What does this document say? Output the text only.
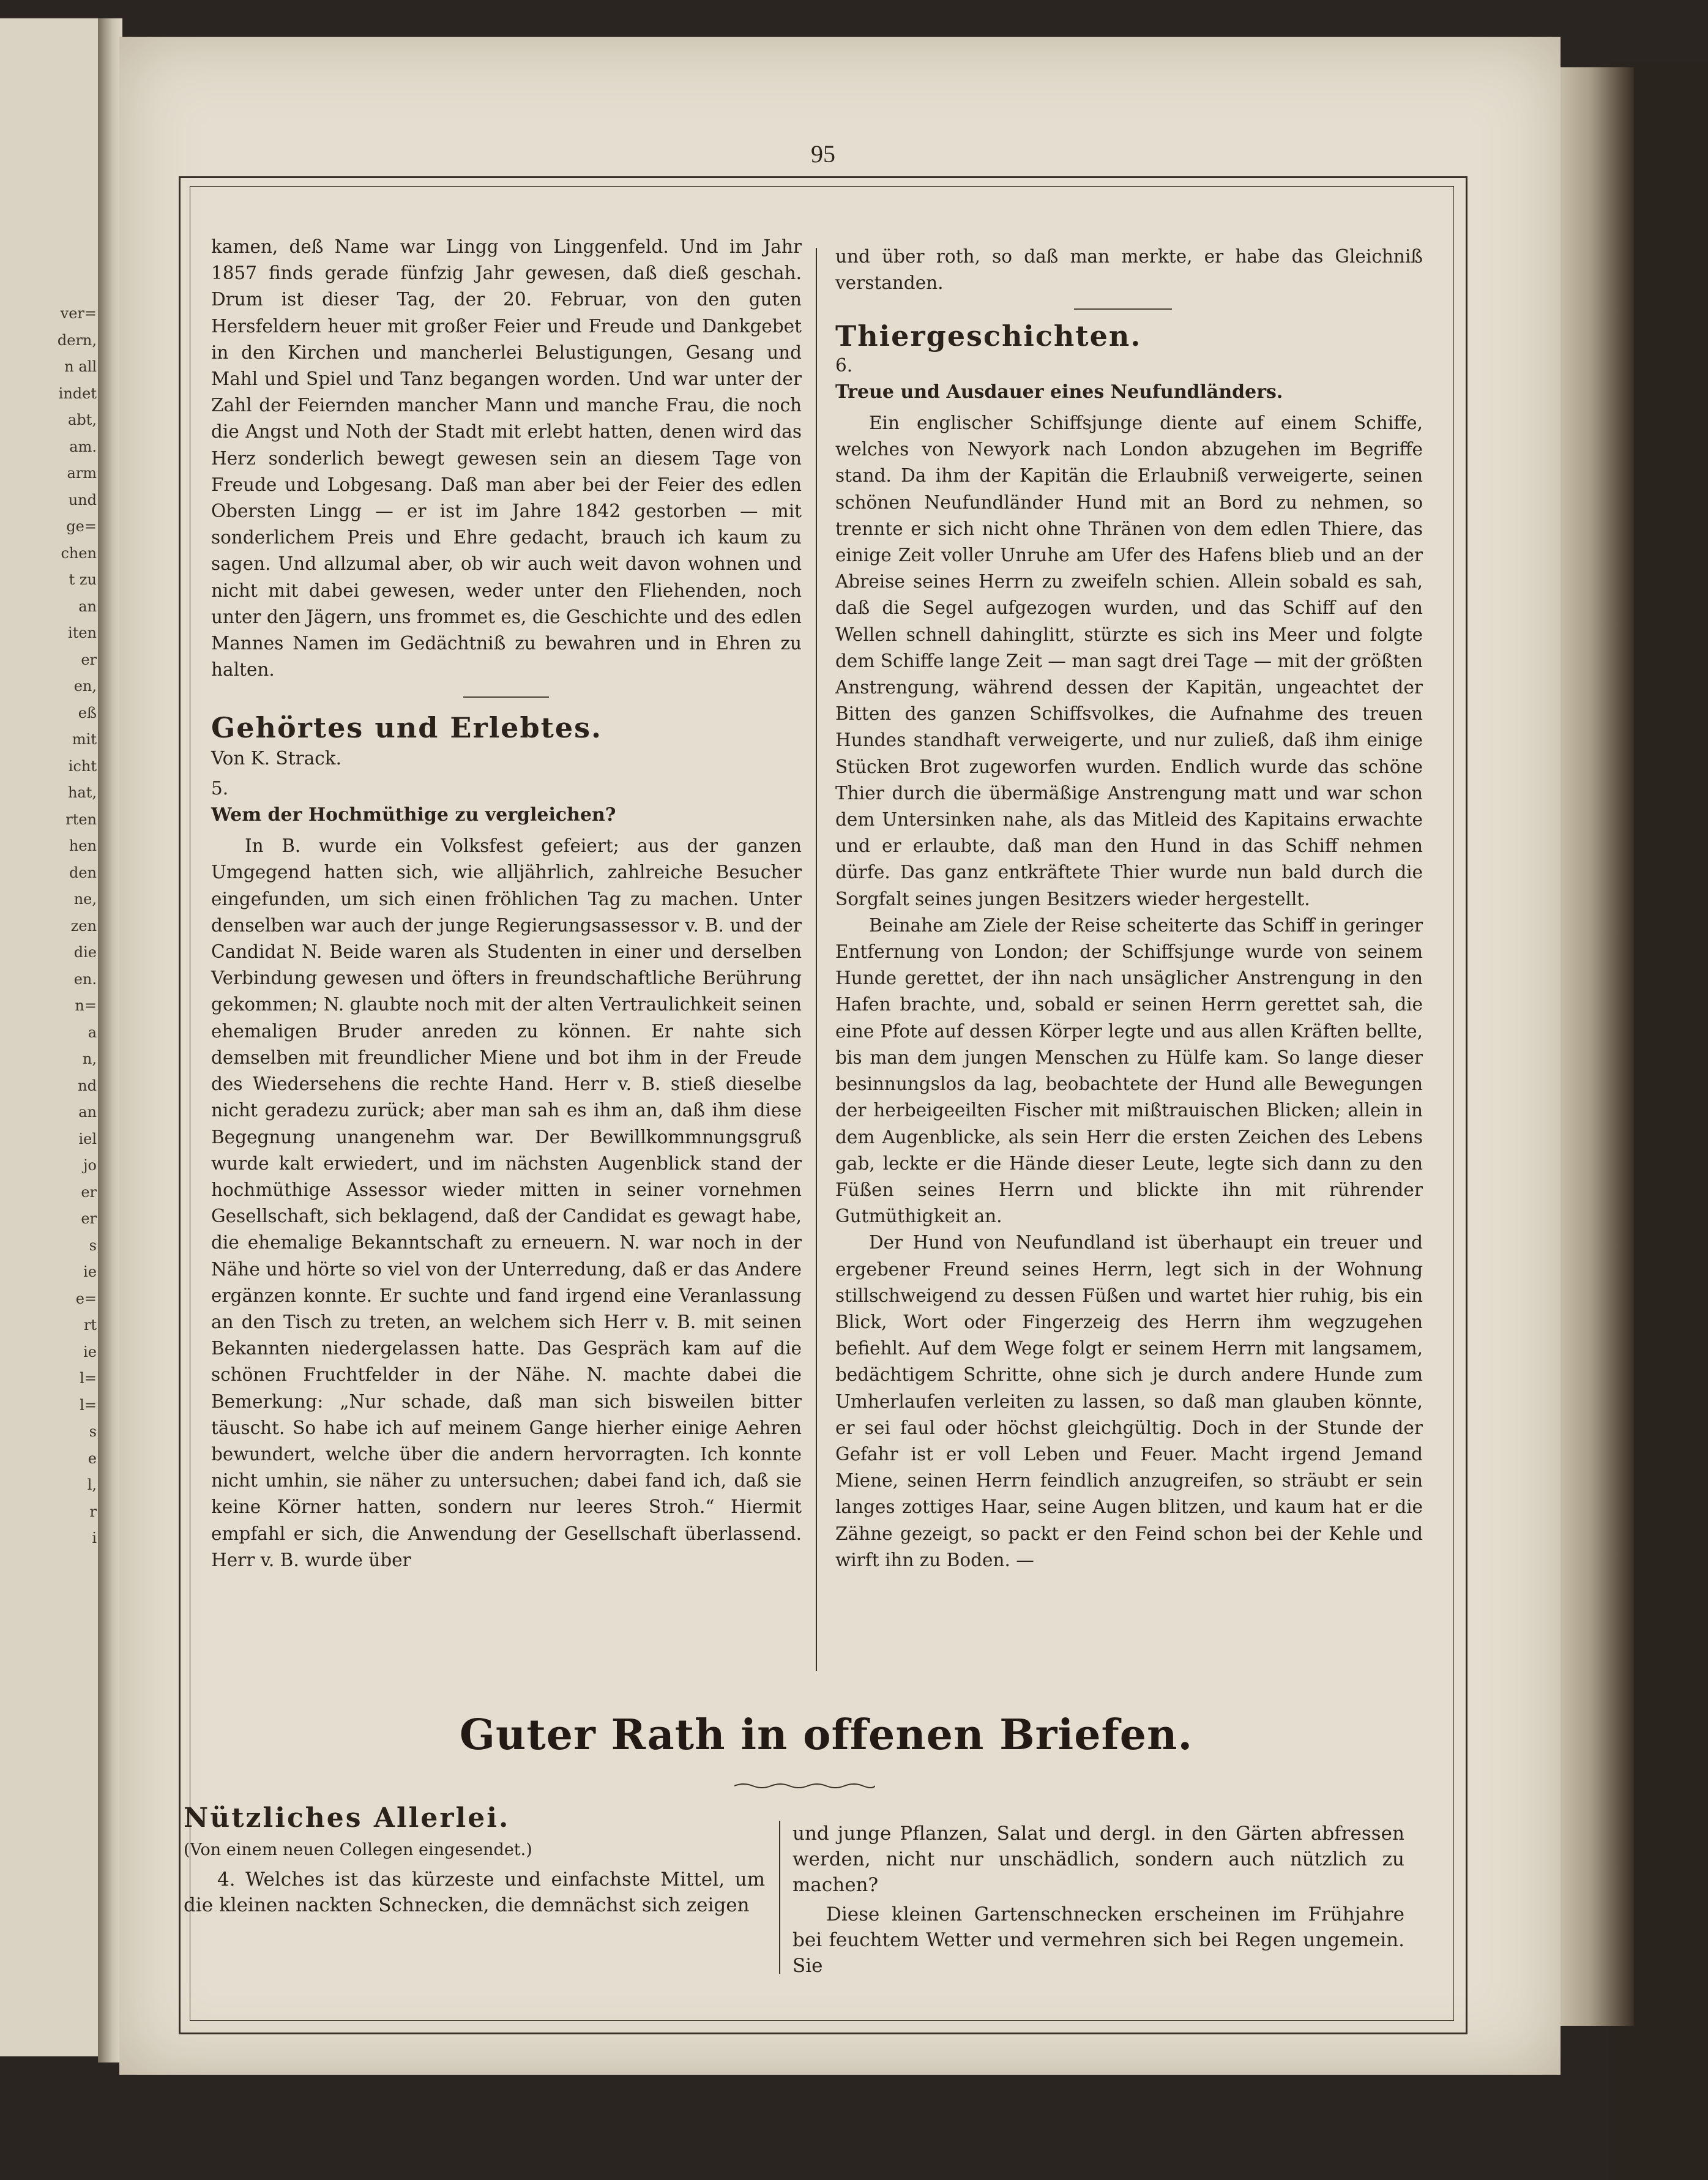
ver=
dern,
n all
indet
abt,
am.
arm
und
ge=
chen
t zu
an
iten
er
en,
eß
mit
icht
hat,
rten
hen
den
ne,
zen
die
en.
n=
a
n,
nd
an
iel
jo
er
er
s
ie
e=
rt
ie
l=
l=
s
e
l,
r
i
95

kamen, deß Name war Lingg von Linggenfeld. Und im Jahr 1857 finds gerade fünfzig Jahr gewesen, daß dieß geschah. Drum ist dieser Tag, der 20. Februar, von den guten Hersfeldern heuer mit großer Feier und Freude und Dankgebet in den Kirchen und mancherlei Belustigungen, Gesang und Mahl und Spiel und Tanz begangen worden. Und war unter der Zahl der Feiernden mancher Mann und manche Frau, die noch die Angst und Noth der Stadt mit erlebt hatten, denen wird das Herz sonderlich bewegt gewesen sein an diesem Tage von Freude und Lobgesang. Daß man aber bei der Feier des edlen Obersten Lingg — er ist im Jahre 1842 gestorben — mit sonderlichem Preis und Ehre gedacht, brauch ich kaum zu sagen. Und allzumal aber, ob wir auch weit davon wohnen und nicht mit dabei gewesen, weder unter den Fliehenden, noch unter den Jägern, uns frommet es, die Geschichte und des edlen Mannes Namen im Gedächtniß zu bewahren und in Ehren zu halten.

Gehörtes und Erlebtes.

Von K. Strack.

5.

Wem der Hochmüthige zu vergleichen?

In B. wurde ein Volksfest gefeiert; aus der ganzen Umgegend hatten sich, wie alljährlich, zahlreiche Besucher eingefunden, um sich einen fröhlichen Tag zu machen. Unter denselben war auch der junge Regierungsassessor v. B. und der Candidat N. Beide waren als Studenten in einer und derselben Verbindung gewesen und öfters in freundschaftliche Berührung gekommen; N. glaubte noch mit der alten Vertraulichkeit seinen ehemaligen Bruder anreden zu können. Er nahte sich demselben mit freundlicher Miene und bot ihm in der Freude des Wiedersehens die rechte Hand. Herr v. B. stieß dieselbe nicht geradezu zurück; aber man sah es ihm an, daß ihm diese Begegnung unangenehm war. Der Bewillkommnungsgruß wurde kalt erwiedert, und im nächsten Augenblick stand der hochmüthige Assessor wieder mitten in seiner vornehmen Gesellschaft, sich beklagend, daß der Candidat es gewagt habe, die ehemalige Bekanntschaft zu erneuern. N. war noch in der Nähe und hörte so viel von der Unterredung, daß er das Andere ergänzen konnte. Er suchte und fand irgend eine Veranlassung an den Tisch zu treten, an welchem sich Herr v. B. mit seinen Bekannten niedergelassen hatte. Das Gespräch kam auf die schönen Fruchtfelder in der Nähe. N. machte dabei die Bemerkung: „Nur schade, daß man sich bisweilen bitter täuscht. So habe ich auf meinem Gange hierher einige Aehren bewundert, welche über die andern hervorragten. Ich konnte nicht umhin, sie näher zu untersuchen; dabei fand ich, daß sie keine Körner hatten, sondern nur leeres Stroh.“ Hiermit empfahl er sich, die Anwendung der Gesellschaft überlassend. Herr v. B. wurde über

und über roth, so daß man merkte, er habe das Gleichniß verstanden.

Thiergeschichten.

6.

Treue und Ausdauer eines Neufundländers.

Ein englischer Schiffsjunge diente auf einem Schiffe, welches von Newyork nach London abzugehen im Begriffe stand. Da ihm der Kapitän die Erlaubniß verweigerte, seinen schönen Neufundländer Hund mit an Bord zu nehmen, so trennte er sich nicht ohne Thränen von dem edlen Thiere, das einige Zeit voller Unruhe am Ufer des Hafens blieb und an der Abreise seines Herrn zu zweifeln schien. Allein sobald es sah, daß die Segel aufgezogen wurden, und das Schiff auf den Wellen schnell dahinglitt, stürzte es sich ins Meer und folgte dem Schiffe lange Zeit — man sagt drei Tage — mit der größten Anstrengung, während dessen der Kapitän, ungeachtet der Bitten des ganzen Schiffsvolkes, die Aufnahme des treuen Hundes standhaft verweigerte, und nur zuließ, daß ihm einige Stücken Brot zugeworfen wurden. Endlich wurde das schöne Thier durch die übermäßige Anstrengung matt und war schon dem Untersinken nahe, als das Mitleid des Kapitains erwachte und er erlaubte, daß man den Hund in das Schiff nehmen dürfe. Das ganz entkräftete Thier wurde nun bald durch die Sorgfalt seines jungen Besitzers wieder hergestellt.

Beinahe am Ziele der Reise scheiterte das Schiff in geringer Entfernung von London; der Schiffsjunge wurde von seinem Hunde gerettet, der ihn nach unsäglicher Anstrengung in den Hafen brachte, und, sobald er seinen Herrn gerettet sah, die eine Pfote auf dessen Körper legte und aus allen Kräften bellte, bis man dem jungen Menschen zu Hülfe kam. So lange dieser besinnungslos da lag, beobachtete der Hund alle Bewegungen der herbeigeeilten Fischer mit mißtrauischen Blicken; allein in dem Augenblicke, als sein Herr die ersten Zeichen des Lebens gab, leckte er die Hände dieser Leute, legte sich dann zu den Füßen seines Herrn und blickte ihn mit rührender Gutmüthigkeit an.

Der Hund von Neufundland ist überhaupt ein treuer und ergebener Freund seines Herrn, legt sich in der Wohnung stillschweigend zu dessen Füßen und wartet hier ruhig, bis ein Blick, Wort oder Fingerzeig des Herrn ihm wegzugehen befiehlt. Auf dem Wege folgt er seinem Herrn mit langsamem, bedächtigem Schritte, ohne sich je durch andere Hunde zum Umherlaufen verleiten zu lassen, so daß man glauben könnte, er sei faul oder höchst gleichgültig. Doch in der Stunde der Gefahr ist er voll Leben und Feuer. Macht irgend Jemand Miene, seinen Herrn feindlich anzugreifen, so sträubt er sein langes zottiges Haar, seine Augen blitzen, und kaum hat er die Zähne gezeigt, so packt er den Feind schon bei der Kehle und wirft ihn zu Boden. —

Guter Rath in offenen Briefen.

Nützliches Allerlei.

(Von einem neuen Collegen eingesendet.)

4. Welches ist das kürzeste und einfachste Mittel, um die kleinen nackten Schnecken, die demnächst sich zeigen

und junge Pflanzen, Salat und dergl. in den Gärten abfressen werden, nicht nur unschädlich, sondern auch nützlich zu machen?

Diese kleinen Gartenschnecken erscheinen im Frühjahre bei feuchtem Wetter und vermehren sich bei Regen ungemein. Sie
